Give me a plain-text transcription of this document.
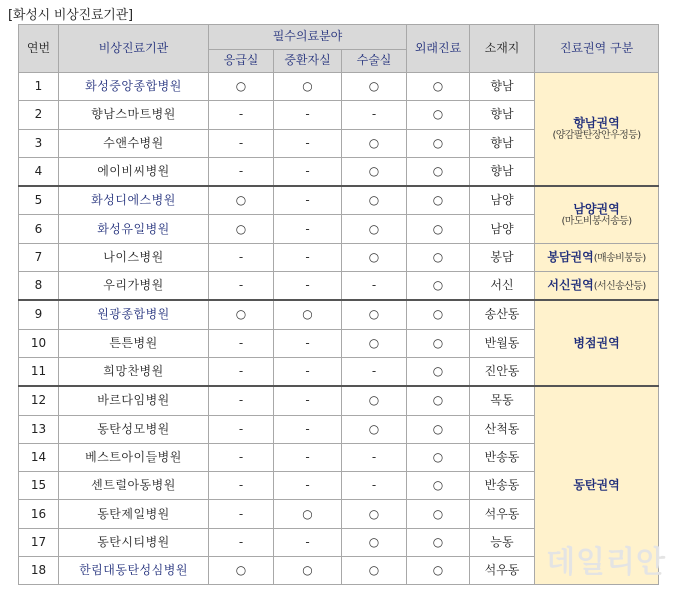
[화성시 비상진료기관]
연번	비상진료기관	필수의료분야			외래진료	소재지	진료권역 구분
		응급실	중환자실	수술실			
1	화성중앙종합병원	○	○	○	○	향남	향남권역
(양감팔탄장안우정등)

2	향남스마트병원	-	-	-	○	향남	
3	수앤수병원	-	-	○	○	향남	
4	에이비씨병원	-	-	○	○	향남	
5	화성디에스병원	○	-	○	○	남양	남양권역
(마도비봉서송등)

6	화성유일병원	○	-	○	○	남양	
7	나이스병원	-	-	○	○	봉담	봉담권역(매송비봉등)
8	우리가병원	-	-	-	○	서신	서신권역(서신송산등)
9	원광종합병원	○	○	○	○	송산동	병점권역
10	튼튼병원	-	-	○	○	반월동	
11	희망찬병원	-	-	-	○	진안동	
12	바르다임병원	-	-	○	○	목동	동탄권역
13	동탄성모병원	-	-	○	○	산척동	
14	베스트아이들병원	-	-	-	○	반송동	
15	센트럴아동병원	-	-	-	○	반송동	
16	동탄제일병원	-	○	○	○	석우동	
17	동탄시티병원	-	-	○	○	능동	
18	한림대동탄성심병원	○	○	○	○	석우동	데일리안
